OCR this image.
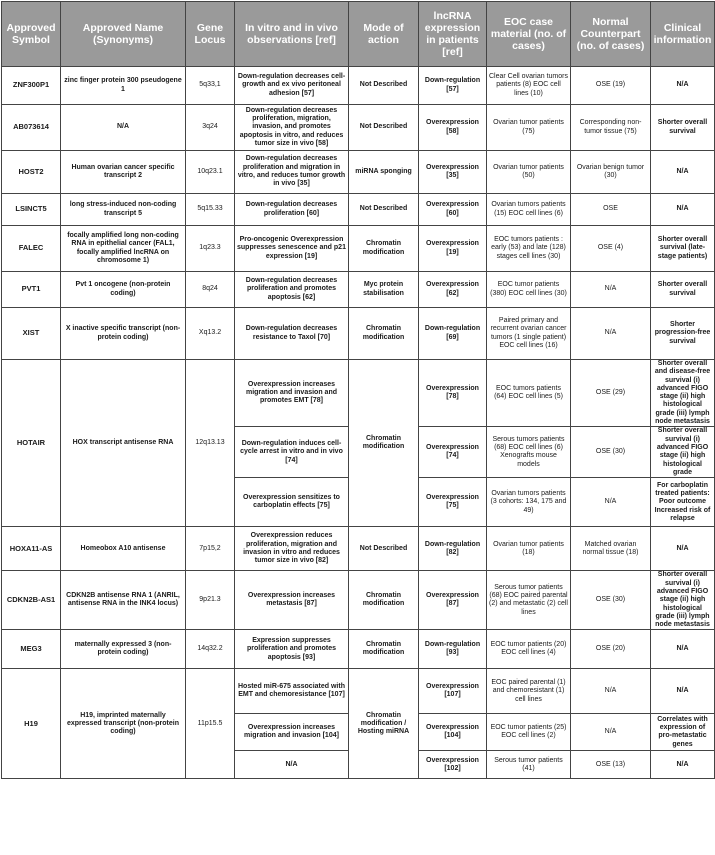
Approved Symbol	Approved Name (Synonyms)	Gene Locus	In vitro and in vivo observations [ref]	Mode of action	lncRNA expression in patients [ref]	EOC case material (no. of cases)	Normal Counterpart (no. of cases)	Clinical information
ZNF300P1	zinc finger protein 300 pseudogene 1	5q33,1	Down-regulation decreases cell-growth and ex vivo peritoneal adhesion [57]	Not Described	Down-regulation [57]	Clear Cell ovarian tumors patients (8) EOC cell lines (10)	OSE (19)	N/A
AB073614	N/A	3q24	Down-regulation decreases proliferation, migration, invasion, and promotes apoptosis in vitro, and reduces tumor size in vivo [58]	Not Described	Overexpression [58]	Ovarian tumor patients (75)	Corresponding non-tumor tissue (75)	Shorter overall survival
HOST2	Human ovarian cancer specific transcript 2	10q23.1	Down-regulation decreases proliferation and migration in vitro, and reduces tumor growth in vivo [35]	miRNA sponging	Overexpression [35]	Ovarian tumor patients (50)	Ovarian benign tumor (30)	N/A
LSINCT5	long stress-induced non-coding transcript 5	5q15.33	Down-regulation decreases proliferation [60]	Not Described	Overexpression [60]	Ovarian tumors patients (15) EOC cell lines (6)	OSE	N/A
FALEC	focally amplified long non-coding RNA in epithelial cancer (FAL1, focally amplified lncRNA on chromosome 1)	1q23.3	Pro-oncogenic Overexpression suppresses senescence and p21 expression [19]	Chromatin modification	Overexpression [19]	EOC tumors patients : early (53) and late (128) stages cell lines (30)	OSE (4)	Shorter overall survival (late-stage patients)
PVT1	Pvt 1 oncogene (non-protein coding)	8q24	Down-regulation decreases proliferation and promotes apoptosis [62]	Myc protein stabilisation	Overexpression [62]	EOC tumor patients (380) EOC cell lines (30)	N/A	Shorter overall survival
XIST	X inactive specific transcript (non-protein coding)	Xq13.2	Down-regulation decreases resistance to Taxol [70]	Chromatin modification	Down-regulation [69]	Paired primary and recurrent ovarian cancer tumors (1 single patient) EOC cell lines (16)	N/A	Shorter progression-free survival
HOTAIR	HOX transcript antisense RNA	12q13.13	Overexpression increases migration and invasion and promotes EMT [78]	Chromatin modification	Overexpression [78]	EOC tumors patients (64) EOC cell lines (5)	OSE (29)	Shorter overall and disease-free survival (i) advanced FIGO stage (ii) high histological grade (iii) lymph node metastasis
			Down-regulation induces cell-cycle arrest in vitro and in vivo [74]		Overexpression [74]	Serous tumors patients (68) EOC cell lines (6) Xenografts mouse models	OSE (30)	Shorter overall survival (i) advanced FIGO stage (ii) high histological grade
			Overexpression sensitizes to carboplatin effects [75]		Overexpression [75]	Ovarian tumors patients (3 cohorts: 134, 175 and 49)	N/A	For carboplatin treated patients: Poor outcome Increased risk of relapse
HOXA11-AS	Homeobox A10 antisense	7p15,2	Overexpression reduces proliferation, migration and invasion in vitro and reduces tumor size in vivo [82]	Not Described	Down-regulation [82]	Ovarian tumor patients (18)	Matched ovarian normal tissue (18)	N/A
CDKN2B-AS1	CDKN2B antisense RNA 1 (ANRIL, antisense RNA in the INK4 locus)	9p21.3	Overexpression increases metastasis [87]	Chromatin modification	Overexpression [87]	Serous tumor patients (68) EOC paired parental (2) and metastatic (2) cell lines	OSE (30)	Shorter overall survival (i) advanced FIGO stage (ii) high histological grade (iii) lymph node metastasis
MEG3	maternally expressed 3 (non-protein coding)	14q32.2	Expression suppresses proliferation and promotes apoptosis [93]	Chromatin modification	Down-regulation [93]	EOC tumor patients (20) EOC cell lines (4)	OSE (20)	N/A
H19	H19, imprinted maternally expressed transcript (non-protein coding)	11p15.5	Hosted miR-675 associated with EMT and chemoresistance [107]	Chromatin modification / Hosting miRNA	Overexpression [107]	EOC paired parental (1) and chemoresistant (1) cell lines	N/A	N/A
			Overexpression increases migration and invasion [104]		Overexpression [104]	EOC tumor patients (25) EOC cell lines (2)	N/A	Correlates with expression of pro-metastatic genes
			N/A		Overexpression [102]	Serous tumor patients (41)	OSE (13)	N/A
